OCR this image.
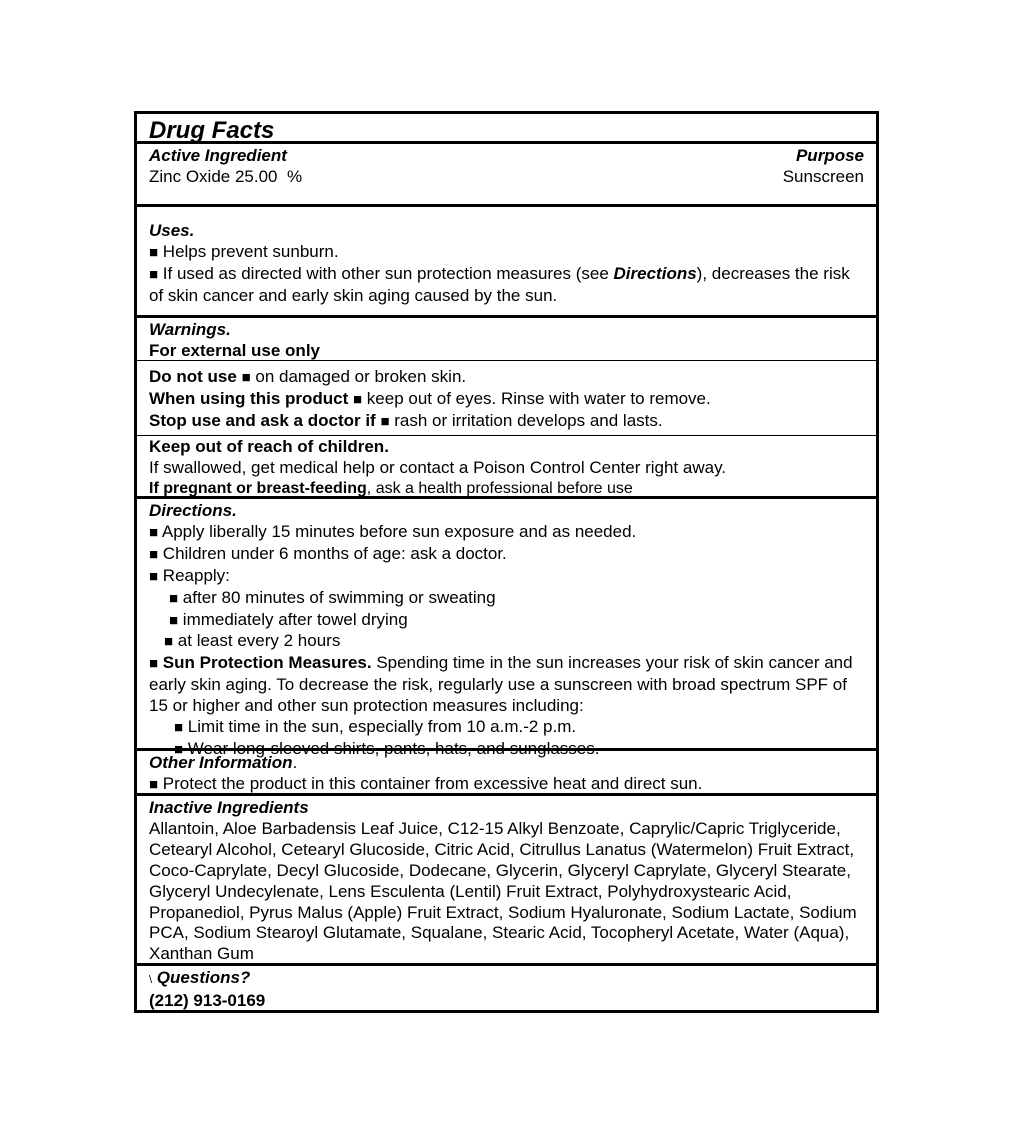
Drug Facts
Active Ingredient	Purpose
Zinc Oxide 25.00  %	Sunscreen
Uses.
■ Helps prevent sunburn.
■ If used as directed with other sun protection measures (see Directions), decreases the risk of skin cancer and early skin aging caused by the sun.
Warnings.
For external use only
Do not use ■ on damaged or broken skin.
When using this product ■ keep out of eyes. Rinse with water to remove.
Stop use and ask a doctor if ■ rash or irritation develops and lasts.
Keep out of reach of children.
If swallowed, get medical help or contact a Poison Control Center right away.
If pregnant or breast-feeding, ask a health professional before use
Directions.
■ Apply liberally 15 minutes before sun exposure and as needed.
■ Children under 6 months of age: ask a doctor.
■ Reapply:
■ after 80 minutes of swimming or sweating
■ immediately after towel drying
■ at least every 2 hours
■ Sun Protection Measures. Spending time in the sun increases your risk of skin cancer and early skin aging. To decrease the risk, regularly use a sunscreen with broad spectrum SPF of 15 or higher and other sun protection measures including:
■ Limit time in the sun, especially from 10 a.m.-2 p.m.
■ Wear long-sleeved shirts, pants, hats, and sunglasses.
Other Information.
■ Protect the product in this container from excessive heat and direct sun.
Inactive Ingredients
Allantoin, Aloe Barbadensis Leaf Juice, C12-15 Alkyl Benzoate, Caprylic/Capric Triglyceride, Cetearyl Alcohol, Cetearyl Glucoside, Citric Acid, Citrullus Lanatus (Watermelon) Fruit Extract, Coco-Caprylate, Decyl Glucoside, Dodecane, Glycerin, Glyceryl Caprylate, Glyceryl Stearate, Glyceryl Undecylenate, Lens Esculenta (Lentil) Fruit Extract, Polyhydroxystearic Acid, Propanediol, Pyrus Malus (Apple) Fruit Extract, Sodium Hyaluronate, Sodium Lactate, Sodium PCA, Sodium Stearoyl Glutamate, Squalane, Stearic Acid, Tocopheryl Acetate, Water (Aqua), Xanthan Gum
\ Questions?
(212) 913-0169
